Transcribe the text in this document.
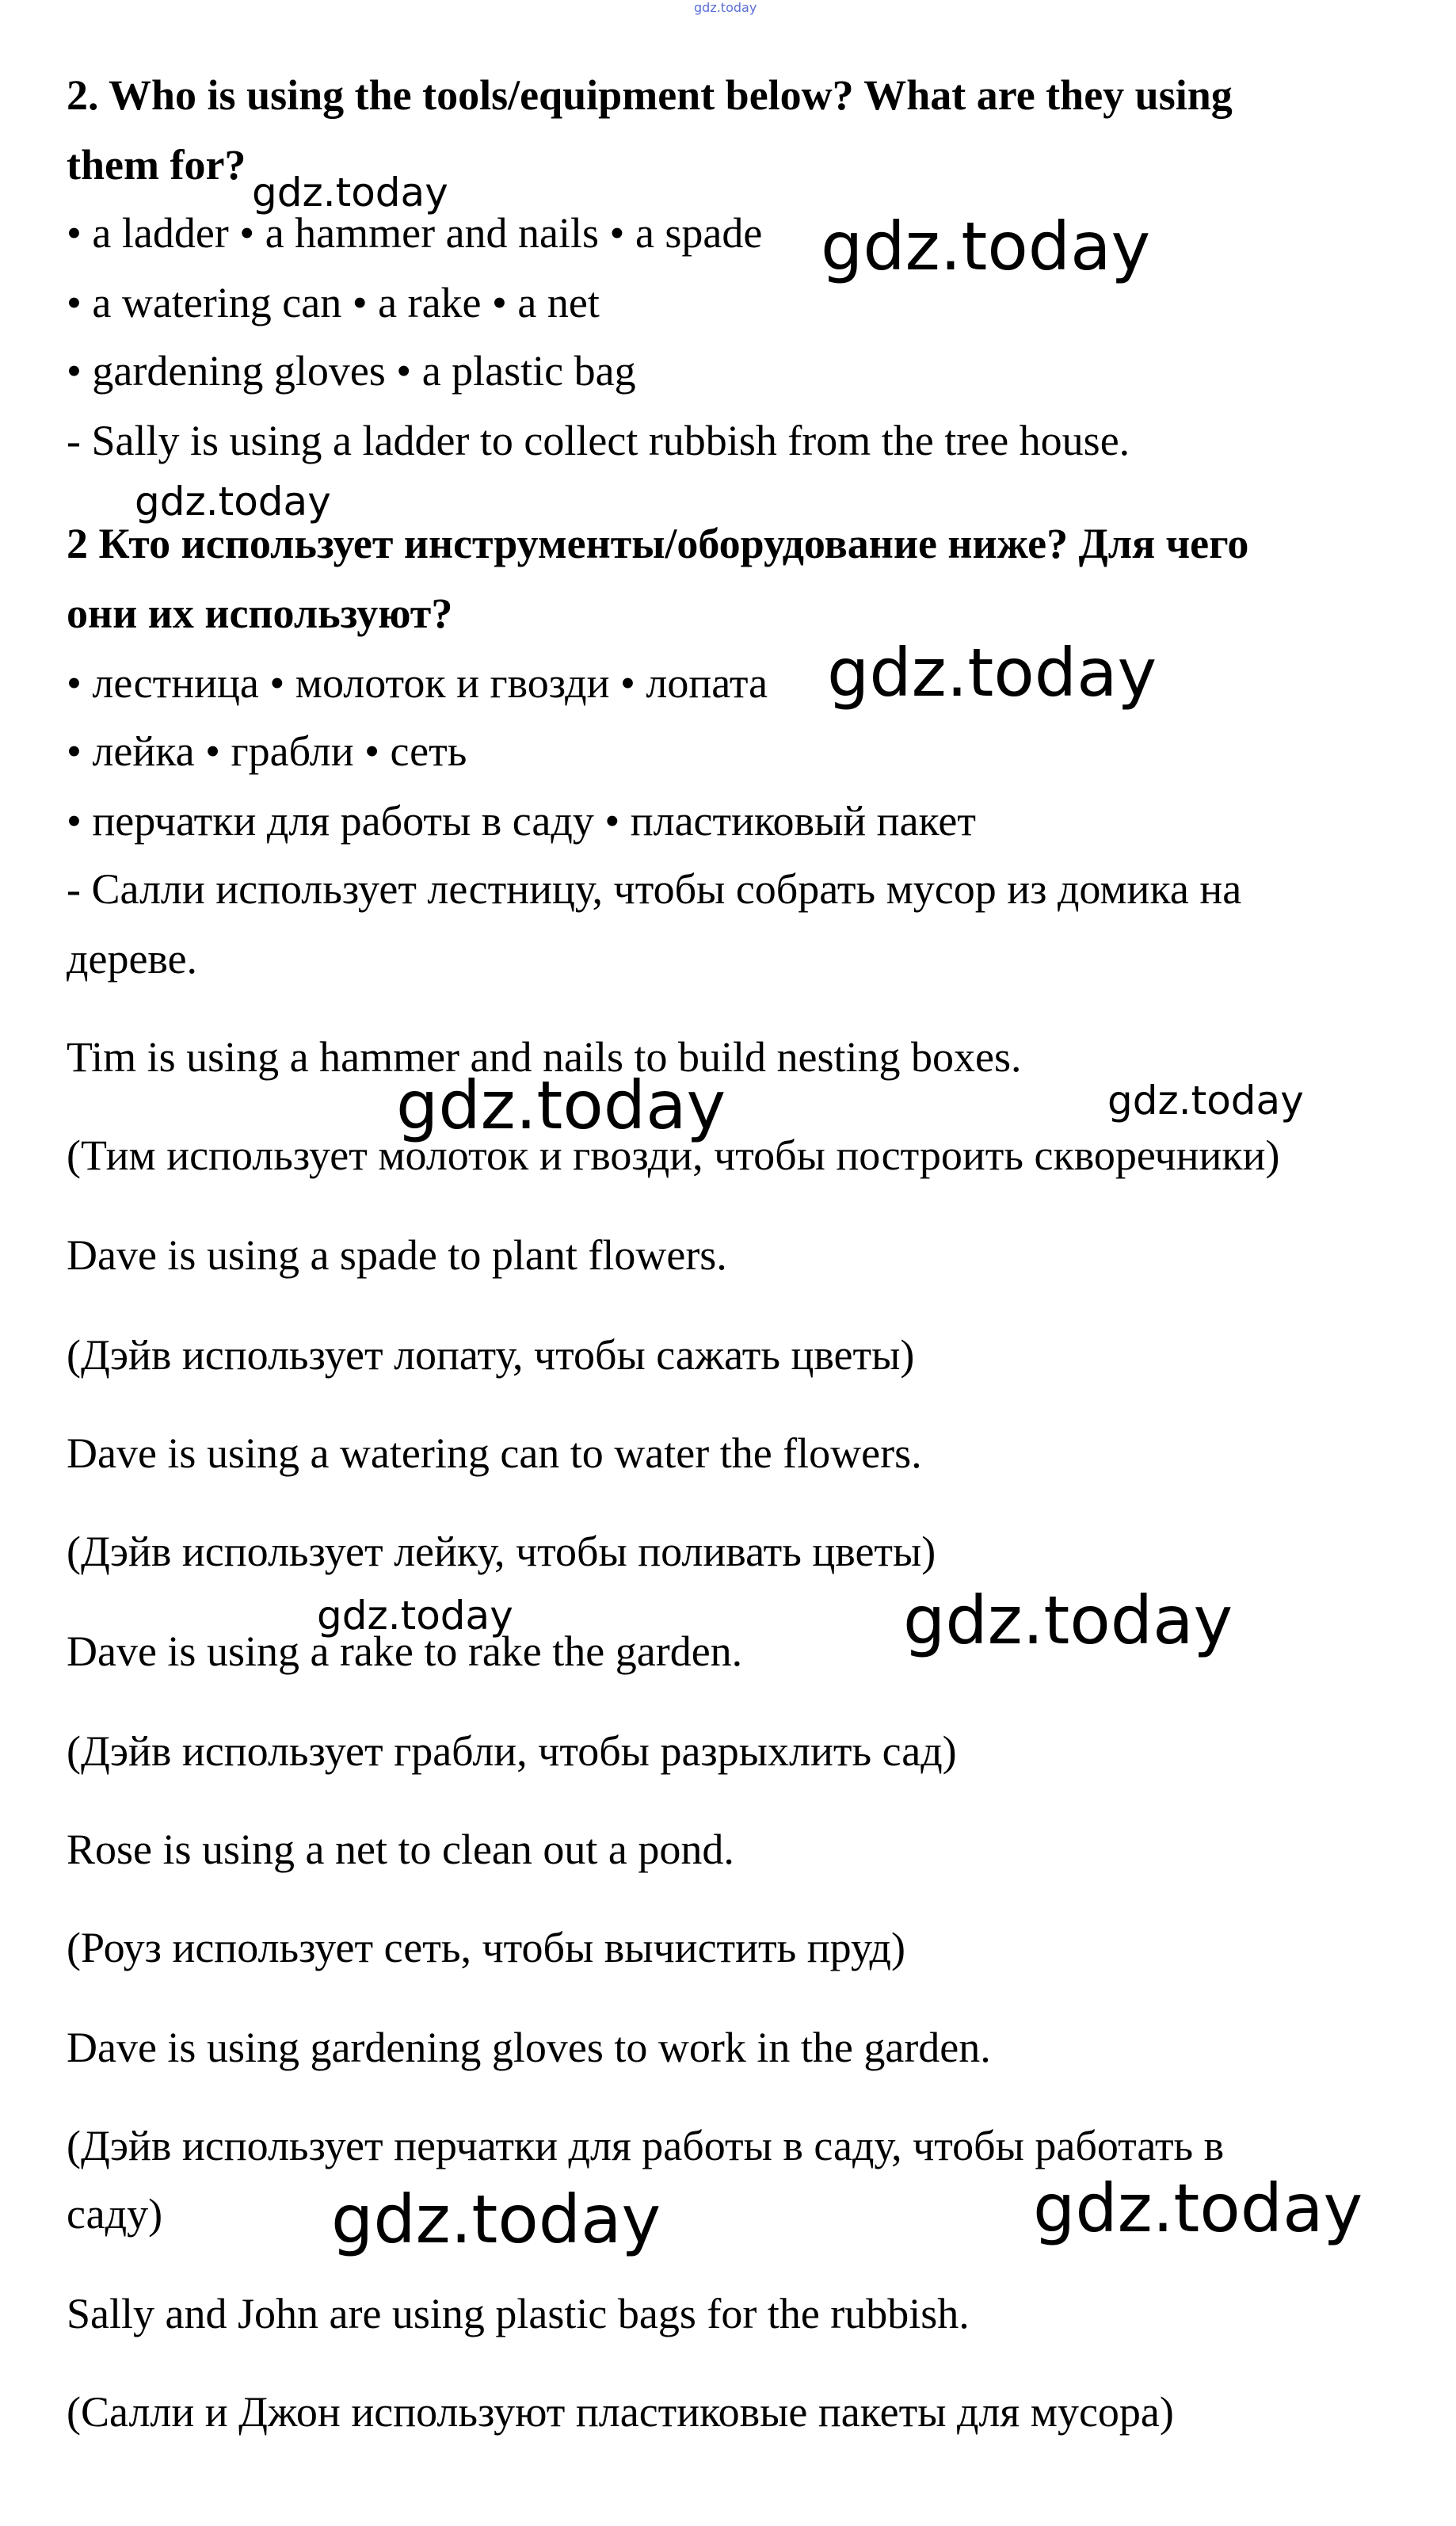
gdz.today
2. Who is using the tools/equipment below? What are they using
them for?
gdz.today
• a ladder • a hammer and nails • a spade gdz.today
• a watering can • a rake • a net
• gardening gloves • a plastic bag
- Sally is using a ladder to collect rubbish from the tree house.
gdz.today
2 Кто использует инструменты/оборудование ниже? Для чего
они их используют?
• лестница • молоток и гвозди • лопата gdz.today
• лейка • грабли • сеть
• перчатки для работы в саду • пластиковый пакет
- Салли использует лестницу, чтобы собрать мусор из домика на
дереве.
Tim is using a hammer and nails to build nesting boxes.
gdz.today	gdz.today
(Тим использует молоток и гвозди, чтобы построить скворечники)
Dave is using a spade to plant flowers.
(Дэйв использует лопату, чтобы сажать цветы)
Dave is using a watering can to water the flowers.
(Дэйв использует лейку, чтобы поливать цветы)
gdz.today	gdz.today
Dave is using a rake to rake the garden.
(Дэйв использует грабли, чтобы разрыхлить сад)
Rose is using a net to clean out a pond.
(Роуз использует сеть, чтобы вычистить пруд)
Dave is using gardening gloves to work in the garden.
(Дэйв использует перчатки для работы в саду, чтобы работать в
саду)	gdz.today	gdz.today
Sally and John are using plastic bags for the rubbish.
(Салли и Джон используют пластиковые пакеты для мусора)
